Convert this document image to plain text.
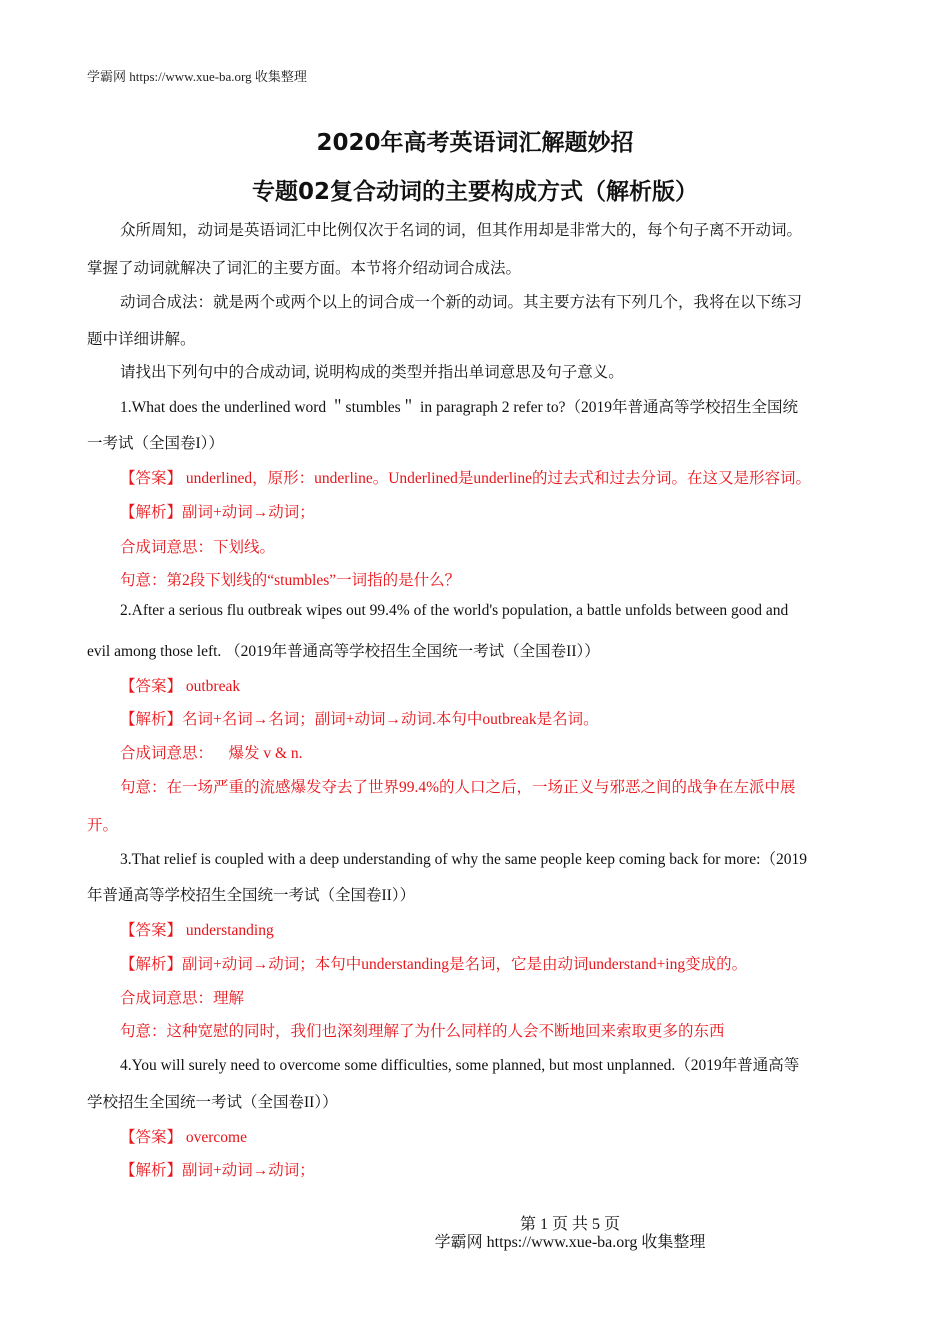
学霸网 https://www.xue-ba.org 收集整理
2020年高考英语词汇解题妙招
专题02复合动词的主要构成方式（解析版）
众所周知，动词是英语词汇中比例仅次于名词的词，但其作用却是非常大的，每个句子离不开动词。
掌握了动词就解决了词汇的主要方面。本节将介绍动词合成法。
动词合成法：就是两个或两个以上的词合成一个新的动词。其主要方法有下列几个，我将在以下练习
题中详细讲解。
请找出下列句中的合成动词, 说明构成的类型并指出单词意思及句子意义。
1.What does the underlined word ＂stumbles＂ in paragraph 2 refer to?（2019年普通高等学校招生全国统
一考试（全国卷I））
【答案】 underlined，原形：underline。Underlined是underline的过去式和过去分词。在这又是形容词。
【解析】副词+动词→动词；
合成词意思：下划线。
句意：第2段下划线的“stumbles”一词指的是什么？
2.After a serious flu outbreak wipes out 99.4% of the world's population, a battle unfolds between good and
evil among those left. （2019年普通高等学校招生全国统一考试（全国卷II））
【答案】 outbreak
【解析】名词+名词→名词；副词+动词→动词.本句中outbreak是名词。
合成词意思：    爆发 v & n.
句意：在一场严重的流感爆发夺去了世界99.4%的人口之后，一场正义与邪恶之间的战争在左派中展
开。
3.That relief is coupled with a deep understanding of why the same people keep coming back for more:（2019
年普通高等学校招生全国统一考试（全国卷II））
【答案】 understanding
【解析】副词+动词→动词；本句中understanding是名词，它是由动词understand+ing变成的。
合成词意思：理解
句意：这种宽慰的同时，我们也深刻理解了为什么同样的人会不断地回来索取更多的东西
4.You will surely need to overcome some difficulties, some planned, but most unplanned.（2019年普通高等
学校招生全国统一考试（全国卷II））
【答案】 overcome
【解析】副词+动词→动词；
第 1 页 共 5 页
学霸网 https://www.xue-ba.org 收集整理
